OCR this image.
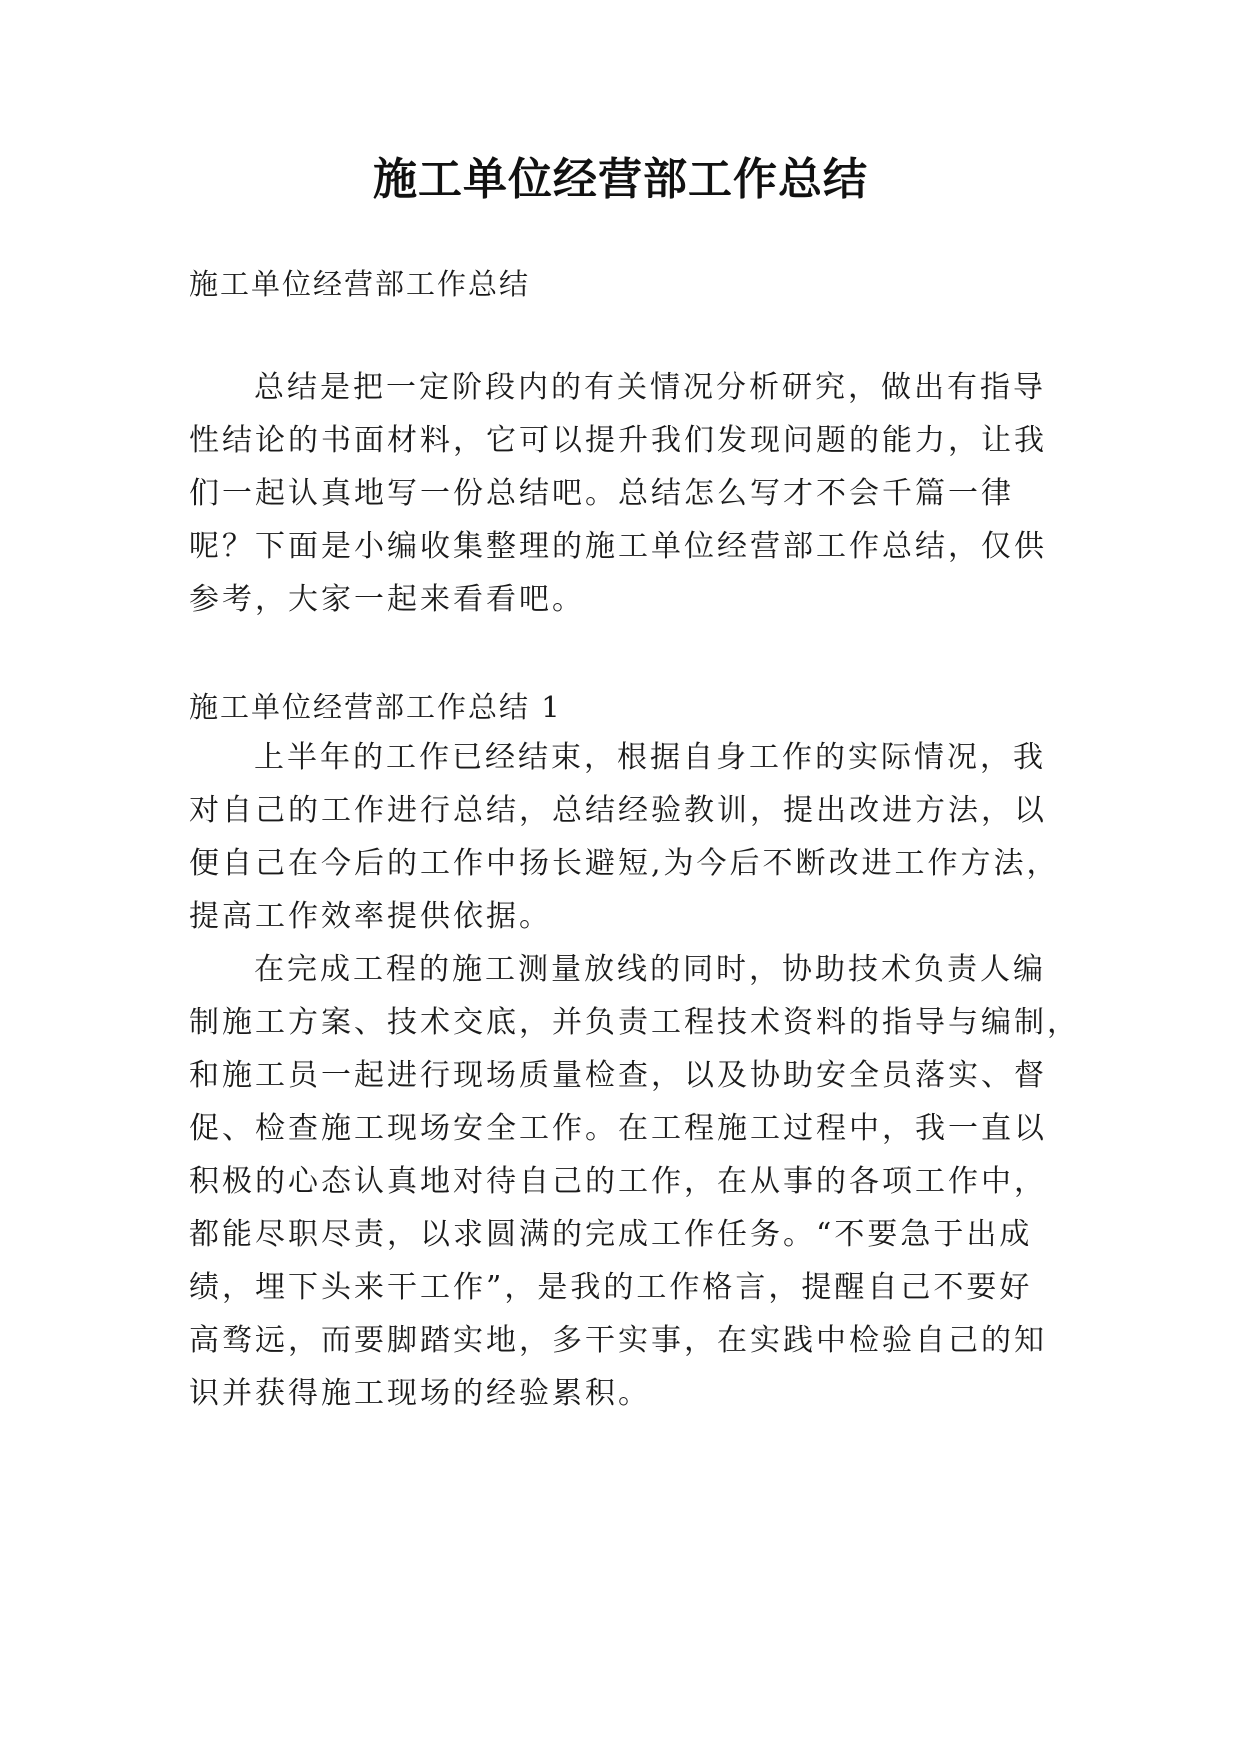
施工单位经营部工作总结
施工单位经营部工作总结
总结是把一定阶段内的有关情况分析研究，做出有指导
性结论的书面材料，它可以提升我们发现问题的能力，让我
们一起认真地写一份总结吧。总结怎么写才不会千篇一律
呢？下面是小编收集整理的施工单位经营部工作总结，仅供
参考，大家一起来看看吧。
施工单位经营部工作总结 1
上半年的工作已经结束，根据自身工作的实际情况，我
对自己的工作进行总结，总结经验教训，提出改进方法，以
便自己在今后的工作中扬长避短,为今后不断改进工作方法，
提高工作效率提供依据。
在完成工程的施工测量放线的同时，协助技术负责人编
制施工方案、技术交底，并负责工程技术资料的指导与编制，
和施工员一起进行现场质量检查，以及协助安全员落实、督
促、检查施工现场安全工作。在工程施工过程中，我一直以
积极的心态认真地对待自己的工作，在从事的各项工作中，
都能尽职尽责，以求圆满的完成工作任务。“不要急于出成
绩，埋下头来干工作”，是我的工作格言，提醒自己不要好
高骛远，而要脚踏实地，多干实事，在实践中检验自己的知
识并获得施工现场的经验累积。
